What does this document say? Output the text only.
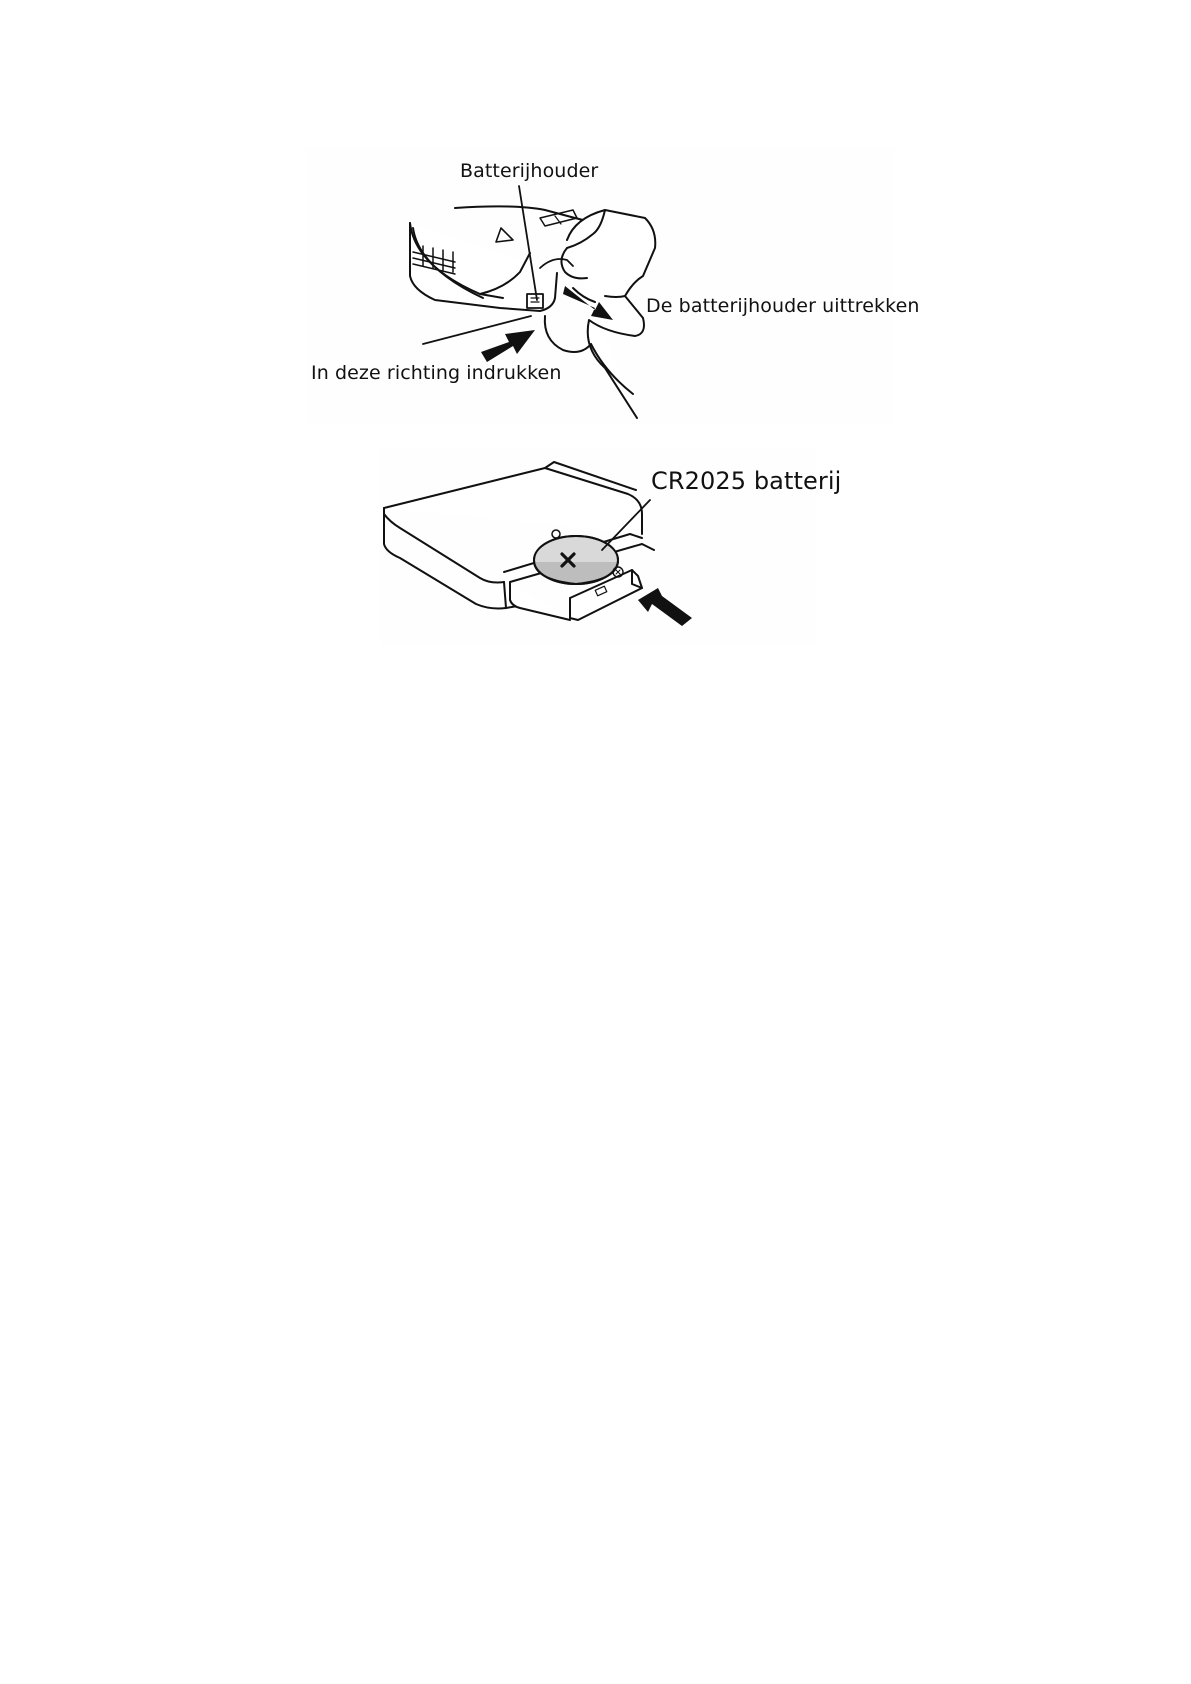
Batterijhouder
De batterijhouder uittrekken
In deze richting indrukken
CR2025 batterij
